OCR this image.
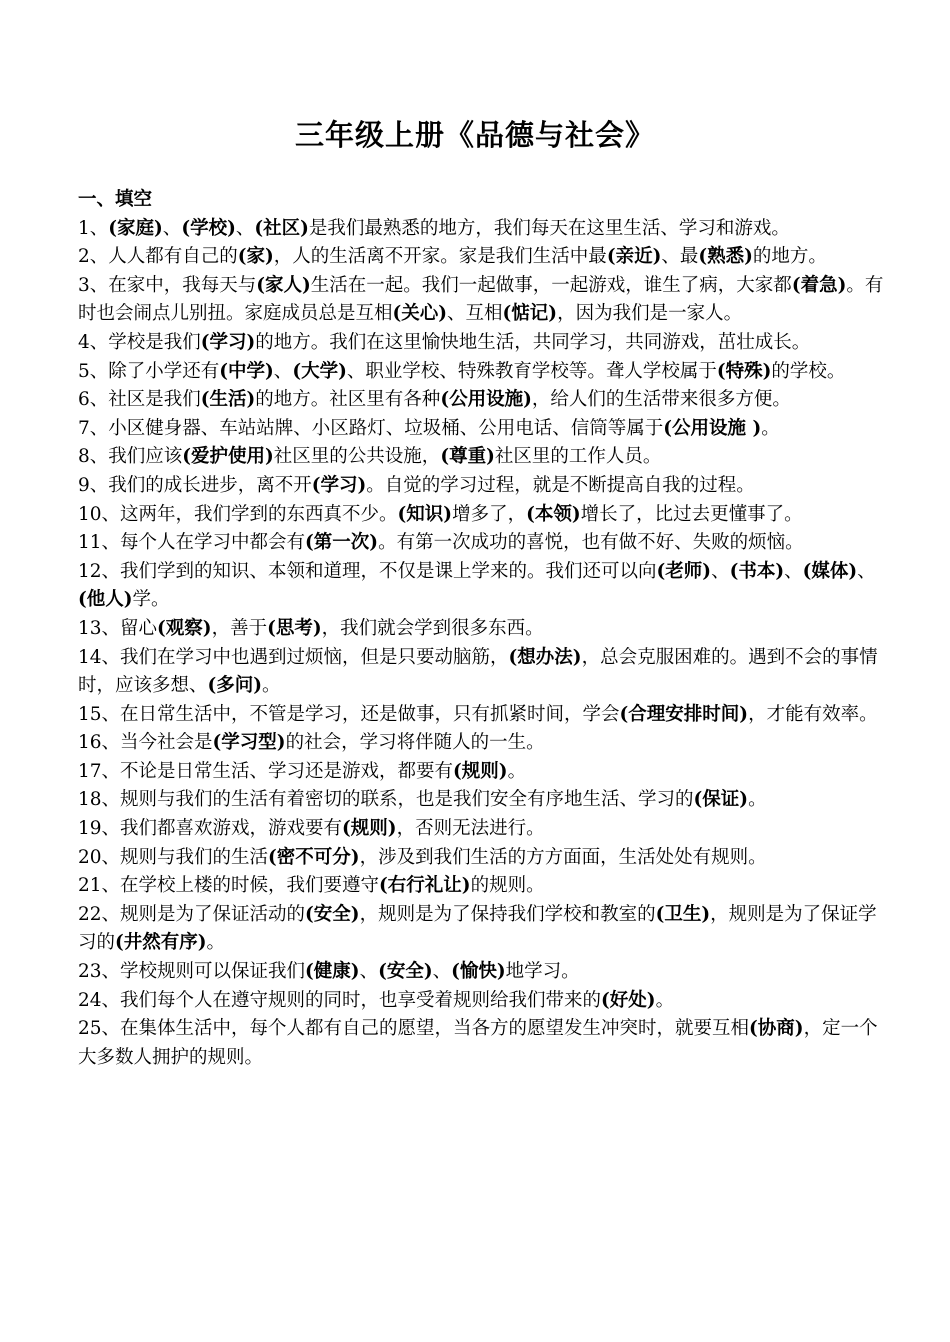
三年级上册《品德与社会》
一、填空

1、(家庭)、(学校)、(社区)是我们最熟悉的地方，我们每天在这里生活、学习和游戏。

2、人人都有自己的(家)，人的生活离不开家。家是我们生活中最(亲近)、最(熟悉)的地方。

3、在家中，我每天与(家人)生活在一起。我们一起做事，一起游戏，谁生了病，大家都(着急)。有时也会闹点儿别扭。家庭成员总是互相(关心)、互相(惦记)，因为我们是一家人。

4、学校是我们(学习)的地方。我们在这里愉快地生活，共同学习，共同游戏，茁壮成长。

5、除了小学还有(中学)、(大学)、职业学校、特殊教育学校等。聋人学校属于(特殊)的学校。

6、社区是我们(生活)的地方。社区里有各种(公用设施)，给人们的生活带来很多方便。

7、小区健身器、车站站牌、小区路灯、垃圾桶、公用电话、信筒等属于(公用设施 )。

8、我们应该(爱护使用)社区里的公共设施，(尊重)社区里的工作人员。

9、我们的成长进步，离不开(学习)。自觉的学习过程，就是不断提高自我的过程。

10、这两年，我们学到的东西真不少。(知识)增多了，(本领)增长了，比过去更懂事了。

11、每个人在学习中都会有(第一次)。有第一次成功的喜悦，也有做不好、失败的烦恼。

12、我们学到的知识、本领和道理，不仅是课上学来的。我们还可以向(老师)、(书本)、(媒体)、(他人)学。

13、留心(观察)，善于(思考)，我们就会学到很多东西。

14、我们在学习中也遇到过烦恼，但是只要动脑筋，(想办法)，总会克服困难的。遇到不会的事情时，应该多想、(多问)。

15、在日常生活中，不管是学习，还是做事，只有抓紧时间，学会(合理安排时间)，才能有效率。

16、当今社会是(学习型)的社会，学习将伴随人的一生。

17、不论是日常生活、学习还是游戏，都要有(规则)。

18、规则与我们的生活有着密切的联系，也是我们安全有序地生活、学习的(保证)。

19、我们都喜欢游戏，游戏要有(规则)，否则无法进行。

20、规则与我们的生活(密不可分)，涉及到我们生活的方方面面，生活处处有规则。

21、在学校上楼的时候，我们要遵守(右行礼让)的规则。

22、规则是为了保证活动的(安全)，规则是为了保持我们学校和教室的(卫生)，规则是为了保证学习的(井然有序)。

23、学校规则可以保证我们(健康)、(安全)、(愉快)地学习。

24、我们每个人在遵守规则的同时，也享受着规则给我们带来的(好处)。

25、在集体生活中，每个人都有自己的愿望，当各方的愿望发生冲突时，就要互相(协商)，定一个大多数人拥护的规则。
